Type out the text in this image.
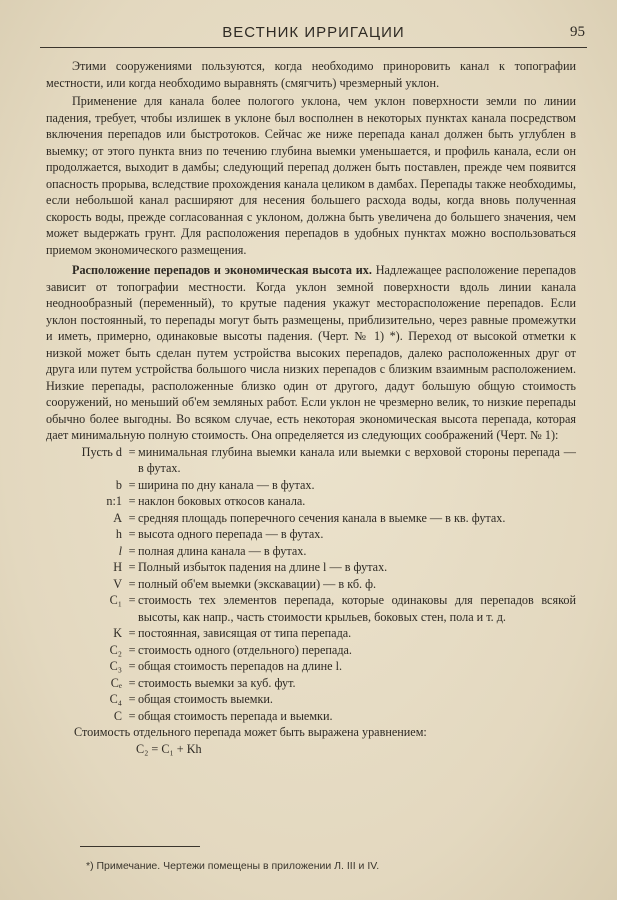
ВЕСТНИК ИРРИГАЦИИ	95

Этими сооружениями пользуются, когда необходимо приноровить канал к топографии местности, или когда необходимо выравнять (смягчить) чрезмерный уклон.

Применение для канала более пологого уклона, чем уклон поверхности земли по линии падения, требует, чтобы излишек в уклоне был восполнен в некоторых пунктах канала посредством включения перепадов или быстротоков. Сейчас же ниже перепада канал должен быть углублен в выемку; от этого пункта вниз по течению глубина выемки уменьшается, и профиль канала, если он продолжается, выходит в дамбы; следующий перепад должен быть поставлен, прежде чем появится опасность прорыва, вследствие прохождения канала целиком в дамбах. Перепады также необходимы, если небольшой канал расширяют для несения большего расхода воды, когда вновь полученная скорость воды, прежде согласованная с уклоном, должна быть увеличена до большего значения, чем может выдержать грунт. Для расположения перепадов в удобных пунктах можно воспользоваться приемом экономического размещения.

Расположение перепадов и экономическая высота их. Надлежащее расположение перепадов зависит от топографии местности. Когда уклон земной поверхности вдоль линии канала неоднообразный (переменный), то крутые падения укажут месторасположение перепадов. Если уклон постоянный, то перепады могут быть размещены, приблизительно, через равные промежутки и иметь, примерно, одинаковые высоты падения. (Черт. № 1) *). Переход от высокой отметки к низкой может быть сделан путем устройства высоких перепадов, далеко расположенных друг от друга или путем устройства большого числа низких перепадов с близким взаимным расположением. Низкие перепады, расположенные близко один от другого, дадут большую общую стоимость сооружений, но меньший об'ем земляных работ. Если уклон не чрезмерно велик, то низкие перепады обычно более выгодны. Во всяком случае, есть некоторая экономическая высота перепада, которая дает минимальную полную стоимость. Она определяется из следующих соображений (Черт. № 1):

Пусть d = минимальная глубина выемки канала или выемки с верховой стороны перепада — в футах.
b = ширина по дну канала — в футах.
n:1 = наклон боковых откосов канала.
A = средняя площадь поперечного сечения канала в выемке — в кв. футах.
h = высота одного перепада — в футах.
l = полная длина канала — в футах.
H = Полный избыток падения на длине l — в футах.
V = полный об'ем выемки (экскавации) — в кб. ф.
C₁ = стоимость тех элементов перепада, которые одинаковы для перепадов всякой высоты, как напр., часть стоимости крыльев, боковых стен, пола и т. д.
K = постоянная, зависящая от типа перепада.
C₂ = стоимость одного (отдельного) перепада.
C₃ = общая стоимость перепадов на длине l.
Cₑ = стоимость выемки за куб. фут.
C₄ = общая стоимость выемки.
C = общая стоимость перепада и выемки.
Стоимость отдельного перепада может быть выражена уравнением:
C₂ = C₁ + Kh
*) Примечание. Чертежи помещены в приложении Л. III и IV.
